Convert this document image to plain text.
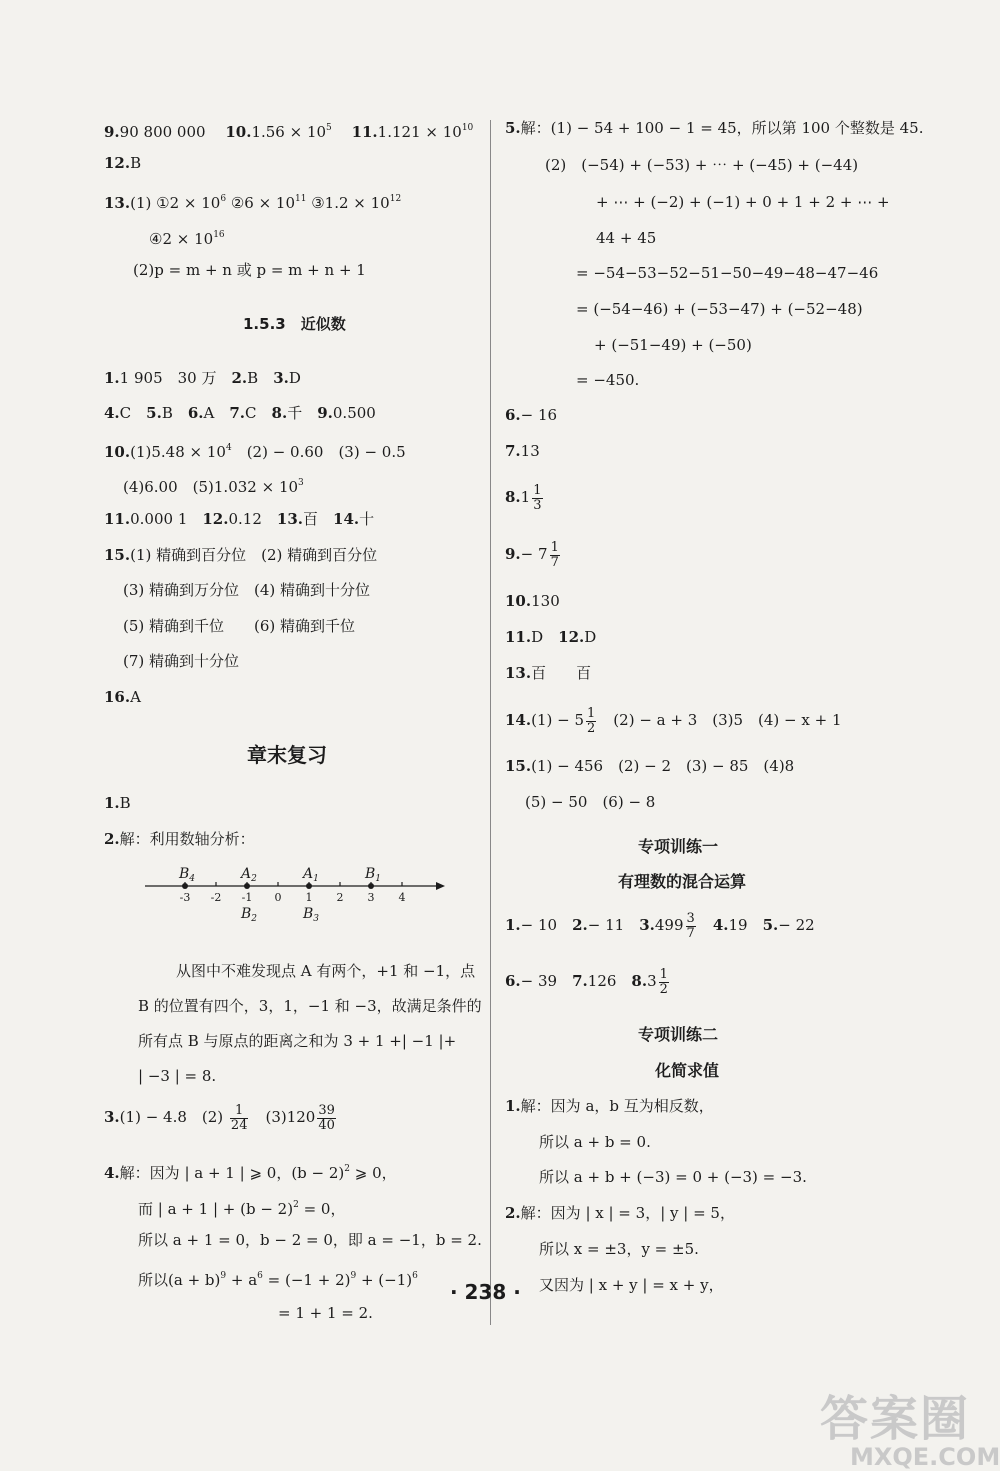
9.90 800 000 　 $10.1.56 \times 10^5$ 　 $11.1.121 \times 10^{10}$
12.B
13.(1) ①2 × $10^6$ ②6 × $10^{11}$ ③1.2 × $10^{12}$
④2 × $10^{16}$
(2)p = m + n 或 p = m + n + 1
1.5.3　近似数
1.1 905　30 万　2.B　3.D
4.C　5.B　6.A　7.C　8.千　9.0.500
$10.(1)5.48 \times 10^4$　(2) − 0.60　(3) − 0.5
(4)6.00　$(5)1.032 \times 10^3$
11.0.000 1　12.0.12　13.百　14.十
15.(1) 精确到百分位　(2) 精确到百分位
(3) 精确到万分位　(4) 精确到十分位
(5) 精确到千位　　(6) 精确到千位
(7) 精确到十分位
16.A
章末复习
1.B
2.解：利用数轴分析：
-3 -2 -1 0 1 2 3 4
$B_4$	$A_2$	$A_1$	$B_1$
$B_2$	$B_3$
从图中不难发现点 A 有两个，+1 和 −1，点
B 的位置有四个，3，1，−1 和 −3，故满足条件的
所有点 B 与原点的距离之和为 3 + 1 +| −1 |+
| −3 | = 8.
3.(1) − 4.8　$(2) \frac{1}{24}$ 　$(3)120 \frac{39}{40}$
4.解：因为 | a + 1 | ⩾ 0，$(b - 2)^2$ ⩾ 0，
而 | a + 1 | + $(b - 2)^2 = 0$，
所以 a + 1 = 0，b − 2 = 0，即 a = −1，b = 2.
所以$(a + b)^9 + a^6 = (-1 + 2)^9 + (-1)^6$
= 1 + 1 = 2.
5.解：(1) − 54 + 100 − 1 = 45，所以第 100 个整数是 45.
(2)　(−54) + (−53) + ⋯ + (−45) + (−44)
+ ⋯ + (−2) + (−1) + 0 + 1 + 2 + ⋯ +
44 + 45
= −54−53−52−51−50−49−48−47−46
= (−54−46) + (−53−47) + (−52−48)
+ (−51−49) + (−50)
= −450.
6.− 16
7.13
$8.1 \frac{1}{3}$
$9.- 7 \frac{1}{7}$
10.130
11.D　12.D
13.百　　百
$14.(1) - 5 \frac{1}{2}$ 　(2) − a + 3　(3)5　(4) − x + 1
15.(1) − 456　(2) − 2　(3) − 85　(4)8
(5) − 50　(6) − 8
专项训练一
有理数的混合运算
1.− 10　2.− 11　$3.499 \frac{3}{7}$
　 4.19　5.− 22
6.− 39　7.126　$8.3 \frac{1}{2}$
专项训练二
化简求值
1.解：因为 a，b 互为相反数，
所以 a + b = 0.
所以 a + b + (−3) = 0 + (−3) = −3.
2.解：因为 | x | = 3，| y | = 5，
所以 x = ±3，y = ±5.
又因为 | x + y | = x + y，
· 238 ·
答案圈
MXQE.COM
